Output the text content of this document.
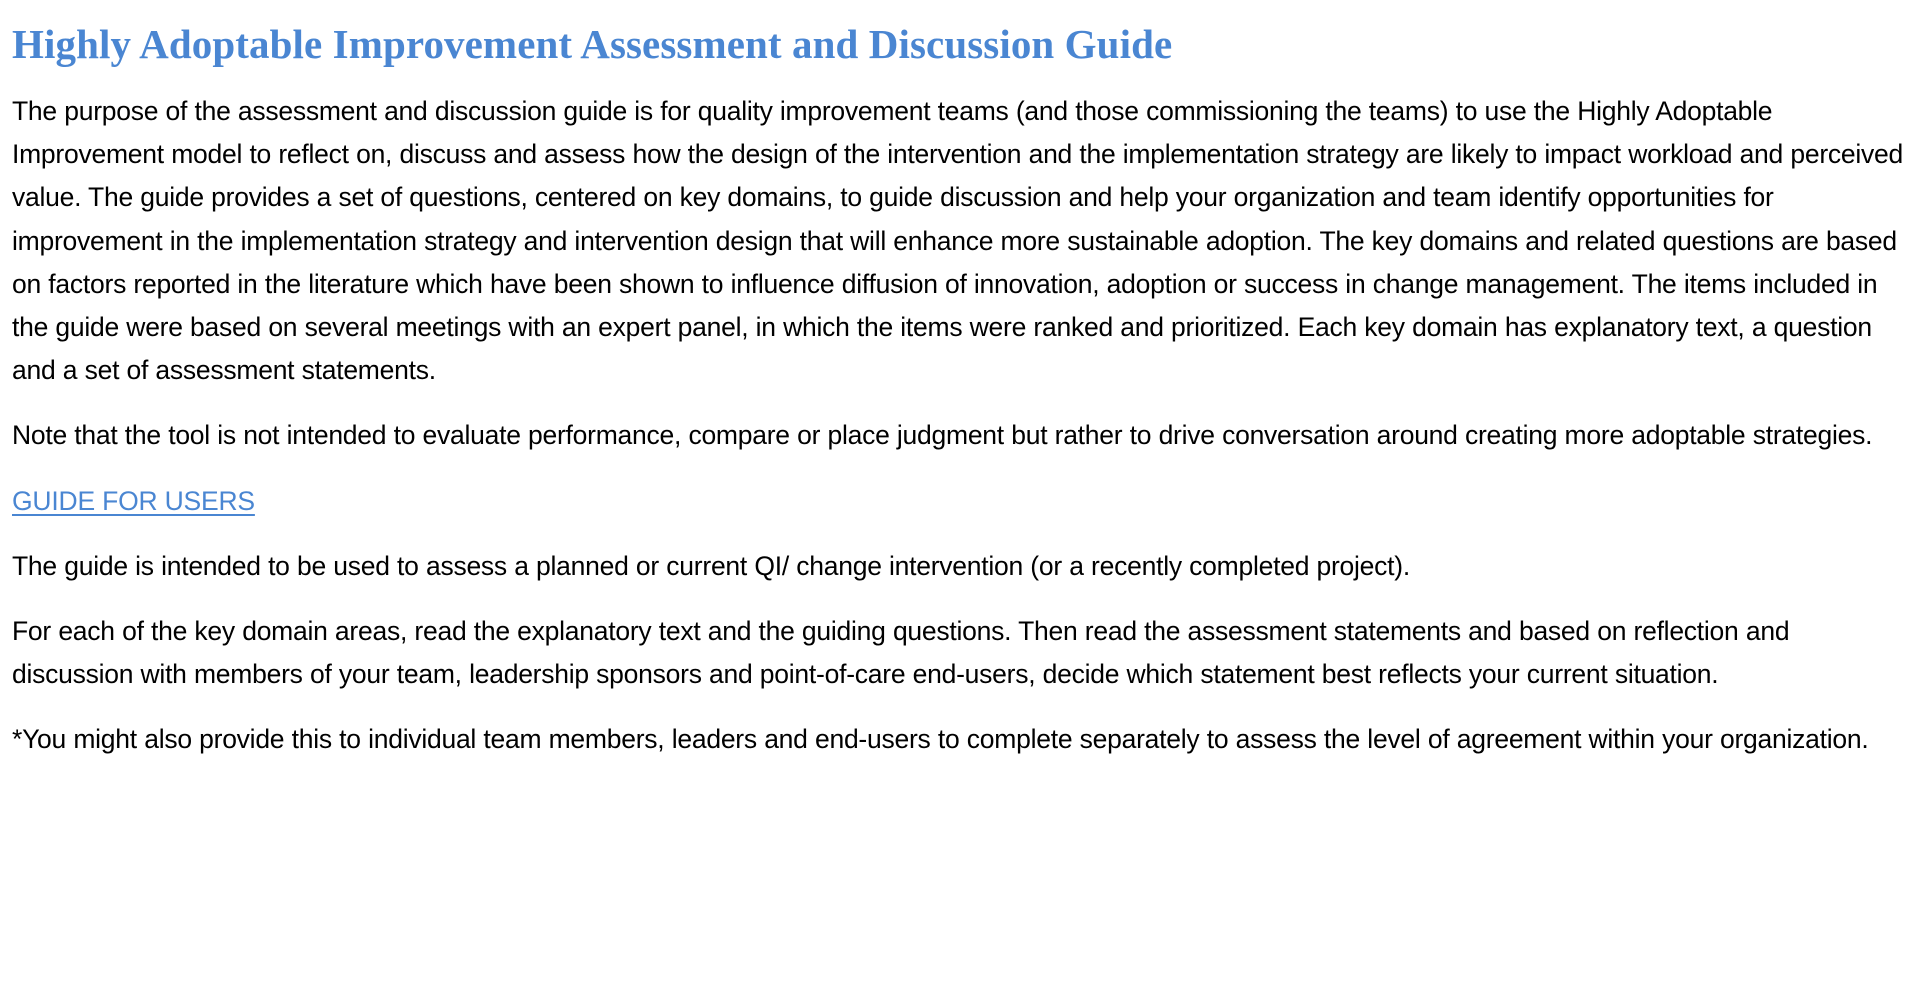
Highly Adoptable Improvement Assessment and Discussion Guide

The purpose of the assessment and discussion guide is for quality improvement teams (and those commissioning the teams) to use the Highly Adoptable Improvement model to reflect on, discuss and assess how the design of the intervention and the implementation strategy are likely to impact workload and perceived value. The guide provides a set of questions, centered on key domains, to guide discussion and help your organization and team identify opportunities for improvement in the implementation strategy and intervention design that will enhance more sustainable adoption. The key domains and related questions are based on factors reported in the literature which have been shown to influence diffusion of innovation, adoption or success in change management. The items included in the guide were based on several meetings with an expert panel, in which the items were ranked and prioritized. Each key domain has explanatory text, a question and a set of assessment statements.

Note that the tool is not intended to evaluate performance, compare or place judgment but rather to drive conversation around creating more adoptable strategies.

GUIDE FOR USERS

The guide is intended to be used to assess a planned or current QI/ change intervention (or a recently completed project).

For each of the key domain areas, read the explanatory text and the guiding questions. Then read the assessment statements and based on reflection and discussion with members of your team, leadership sponsors and point-of-care end-users, decide which statement best reflects your current situation.

*You might also provide this to individual team members, leaders and end-users to complete separately to assess the level of agreement within your organization.
